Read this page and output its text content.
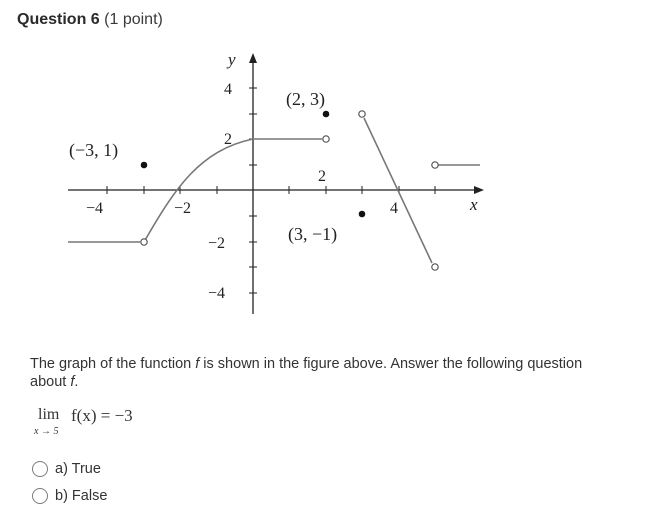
Question 6 (1 point)
y
x
−4	−2
2
4
4
2
−2
−4
(−3, 1)
(2, 3)
(3, −1)
The graph of the function f is shown in the figure above. Answer the following question about f.
lim
x → 5
f(x) = −3
a) True
b) False
